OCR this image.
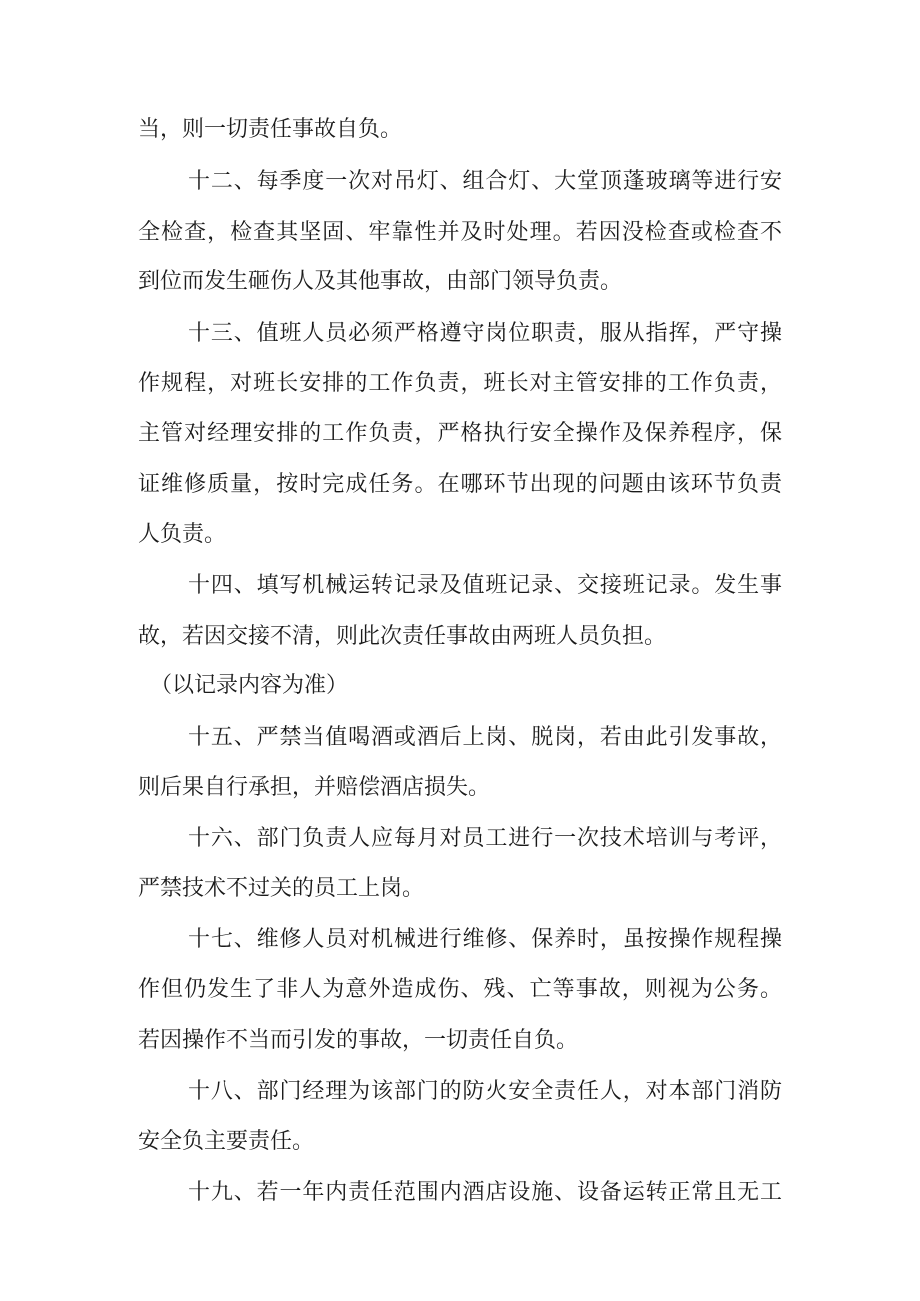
当，则一切责任事故自负。
十二、每季度一次对吊灯、组合灯、大堂顶蓬玻璃等进行安
全检查，检查其坚固、牢靠性并及时处理。若因没检查或检查不
到位而发生砸伤人及其他事故，由部门领导负责。
十三、值班人员必须严格遵守岗位职责，服从指挥，严守操
作规程，对班长安排的工作负责，班长对主管安排的工作负责，
主管对经理安排的工作负责，严格执行安全操作及保养程序，保
证维修质量，按时完成任务。在哪环节出现的问题由该环节负责
人负责。
十四、填写机械运转记录及值班记录、交接班记录。发生事
故，若因交接不清，则此次责任事故由两班人员负担。
（以记录内容为准）
十五、严禁当值喝酒或酒后上岗、脱岗，若由此引发事故，
则后果自行承担，并赔偿酒店损失。
十六、部门负责人应每月对员工进行一次技术培训与考评，
严禁技术不过关的员工上岗。
十七、维修人员对机械进行维修、保养时，虽按操作规程操
作但仍发生了非人为意外造成伤、残、亡等事故，则视为公务。
若因操作不当而引发的事故，一切责任自负。
十八、部门经理为该部门的防火安全责任人，对本部门消防
安全负主要责任。
十九、若一年内责任范围内酒店设施、设备运转正常且无工
